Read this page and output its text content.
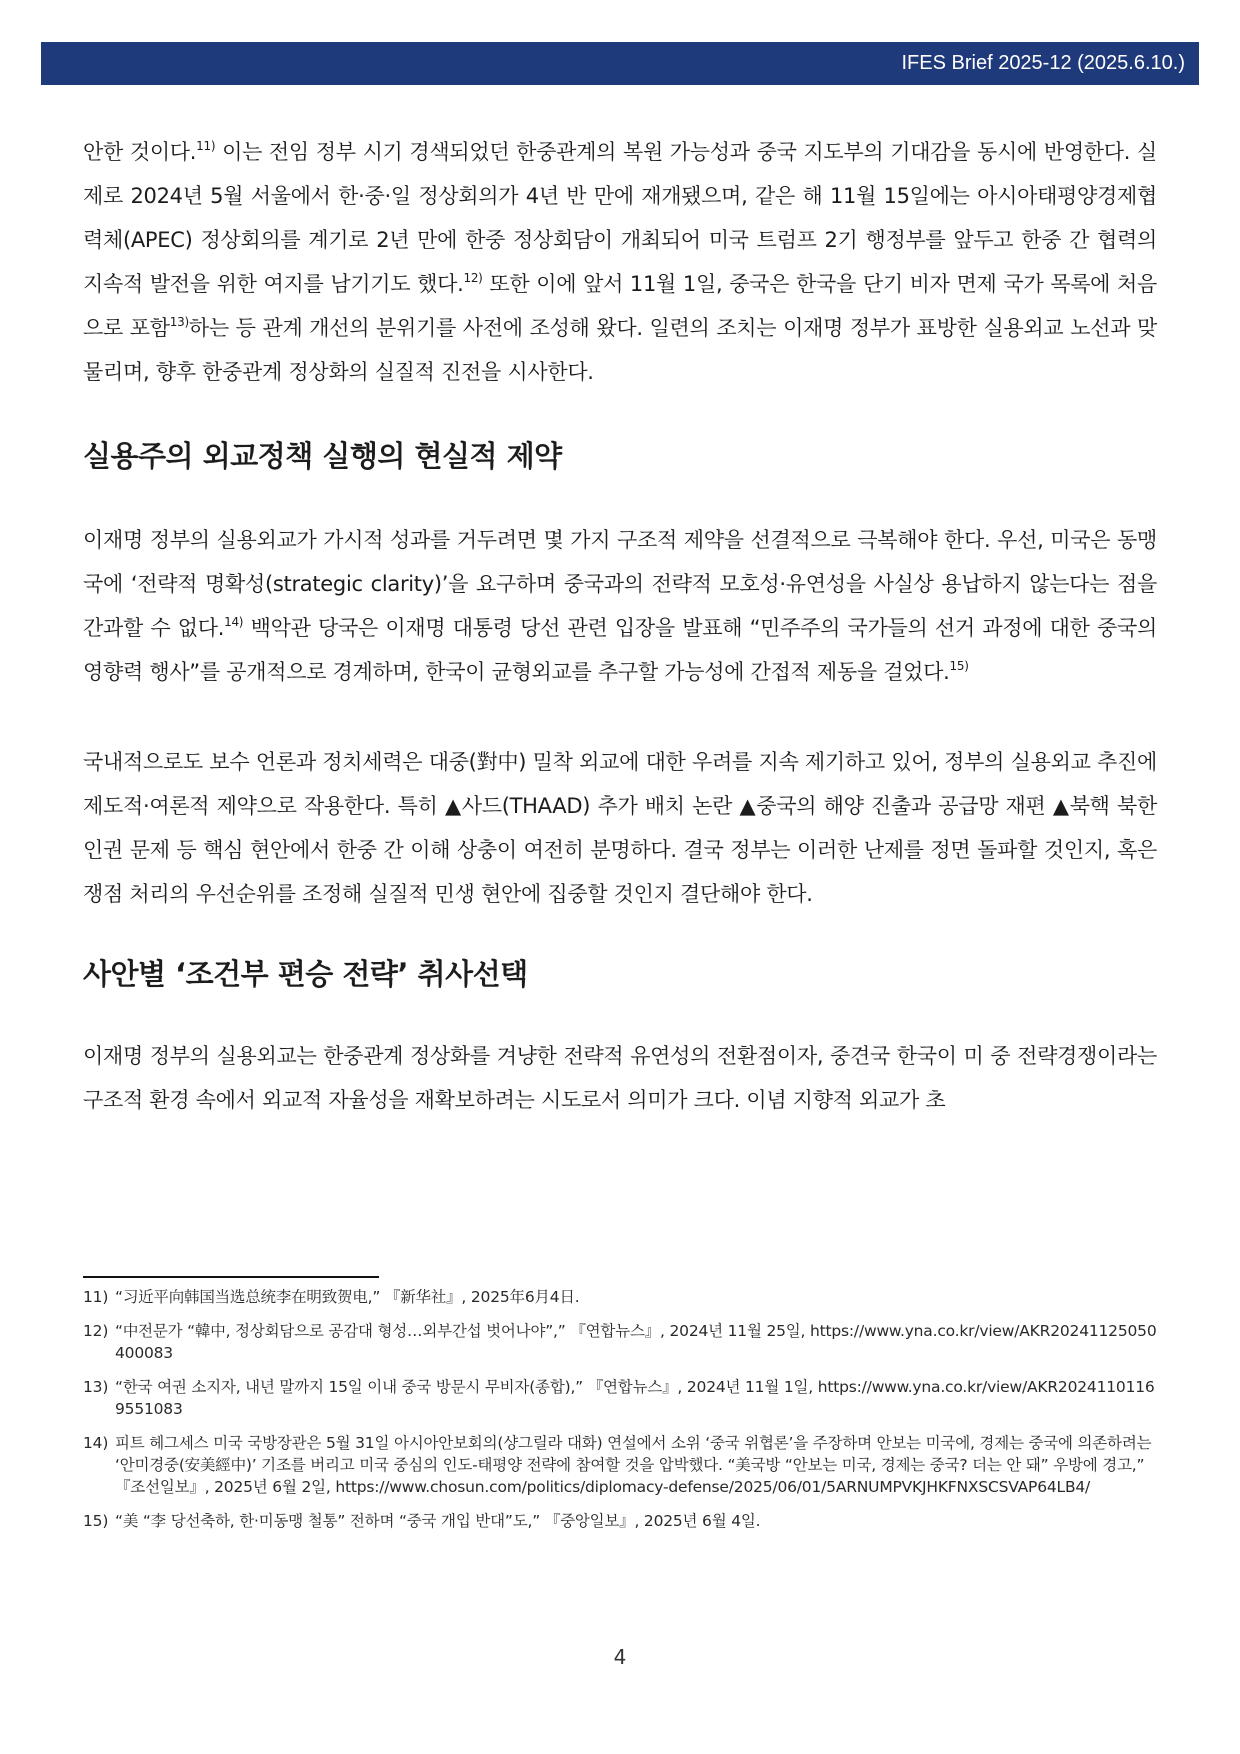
IFES Brief 2025-12 (2025.6.10.)

안한 것이다.$^{11)}$ 이는 전임 정부 시기 경색되었던 한중관계의 복원 가능성과 중국 지도부의 기대감을 동시에 반영한다. 실제로 2024년 5월 서울에서 한·중·일 정상회의가 4년 반 만에 재개됐으며, 같은 해 11월 15일에는 아시아태평양경제협력체(APEC) 정상회의를 계기로 2년 만에 한중 정상회담이 개최되어 미국 트럼프 2기 행정부를 앞두고 한중 간 협력의 지속적 발전을 위한 여지를 남기기도 했다.$^{12)}$ 또한 이에 앞서 11월 1일, 중국은 한국을 단기 비자 면제 국가 목록에 처음으로 포함$^{13)}$하는 등 관계 개선의 분위기를 사전에 조성해 왔다. 일련의 조치는 이재명 정부가 표방한 실용외교 노선과 맞물리며, 향후 한중관계 정상화의 실질적 진전을 시사한다.

실용주의 외교정책 실행의 현실적 제약

이재명 정부의 실용외교가 가시적 성과를 거두려면 몇 가지 구조적 제약을 선결적으로 극복해야 한다. 우선, 미국은 동맹국에 ‘전략적 명확성(strategic clarity)’을 요구하며 중국과의 전략적 모호성·유연성을 사실상 용납하지 않는다는 점을 간과할 수 없다.$^{14)}$ 백악관 당국은 이재명 대통령 당선 관련 입장을 발표해 “민주주의 국가들의 선거 과정에 대한 중국의 영향력 행사”를 공개적으로 경계하며, 한국이 균형외교를 추구할 가능성에 간접적 제동을 걸었다.$^{15)}$

국내적으로도 보수 언론과 정치세력은 대중(對中) 밀착 외교에 대한 우려를 지속 제기하고 있어, 정부의 실용외교 추진에 제도적·여론적 제약으로 작용한다. 특히 ▲사드(THAAD) 추가 배치 논란 ▲중국의 해양 진출과 공급망 재편 ▲북핵 북한 인권 문제 등 핵심 현안에서 한중 간 이해 상충이 여전히 분명하다. 결국 정부는 이러한 난제를 정면 돌파할 것인지, 혹은 쟁점 처리의 우선순위를 조정해 실질적 민생 현안에 집중할 것인지 결단해야 한다.

사안별 ‘조건부 편승 전략’ 취사선택

이재명 정부의 실용외교는 한중관계 정상화를 겨냥한 전략적 유연성의 전환점이자, 중견국 한국이 미 중 전략경쟁이라는 구조적 환경 속에서 외교적 자율성을 재확보하려는 시도로서 의미가 크다. 이념 지향적 외교가 초

11) “习近平向韩国当选总统李在明致贺电,” 『新华社』, 2025年6月4日.
12) “中전문가 “韓中, 정상회담으로 공감대 형성…외부간섭 벗어나야”,” 『연합뉴스』, 2024년 11월 25일, https://www.yna.co.kr/view/AKR20241125050400083
13) “한국 여권 소지자, 내년 말까지 15일 이내 중국 방문시 무비자(종합),” 『연합뉴스』, 2024년 11월 1일, https://www.yna.co.kr/view/AKR20241101169551083
14) 피트 헤그세스 미국 국방장관은 5월 31일 아시아안보회의(샹그릴라 대화) 연설에서 소위 ‘중국 위협론’을 주장하며 안보는 미국에, 경제는 중국에 의존하려는 ‘안미경중(安美經中)’ 기조를 버리고 미국 중심의 인도-태평양 전략에 참여할 것을 압박했다. “美국방 “안보는 미국, 경제는 중국? 더는 안 돼” 우방에 경고,” 『조선일보』, 2025년 6월 2일, https://www.chosun.com/politics/diplomacy-defense/2025/06/01/5ARNUMPVKJHKFNXSCSVAP64LB4/
15) “美 “李 당선축하, 한·미동맹 철통” 전하며 “중국 개입 반대”도,” 『중앙일보』, 2025년 6월 4일.
4
